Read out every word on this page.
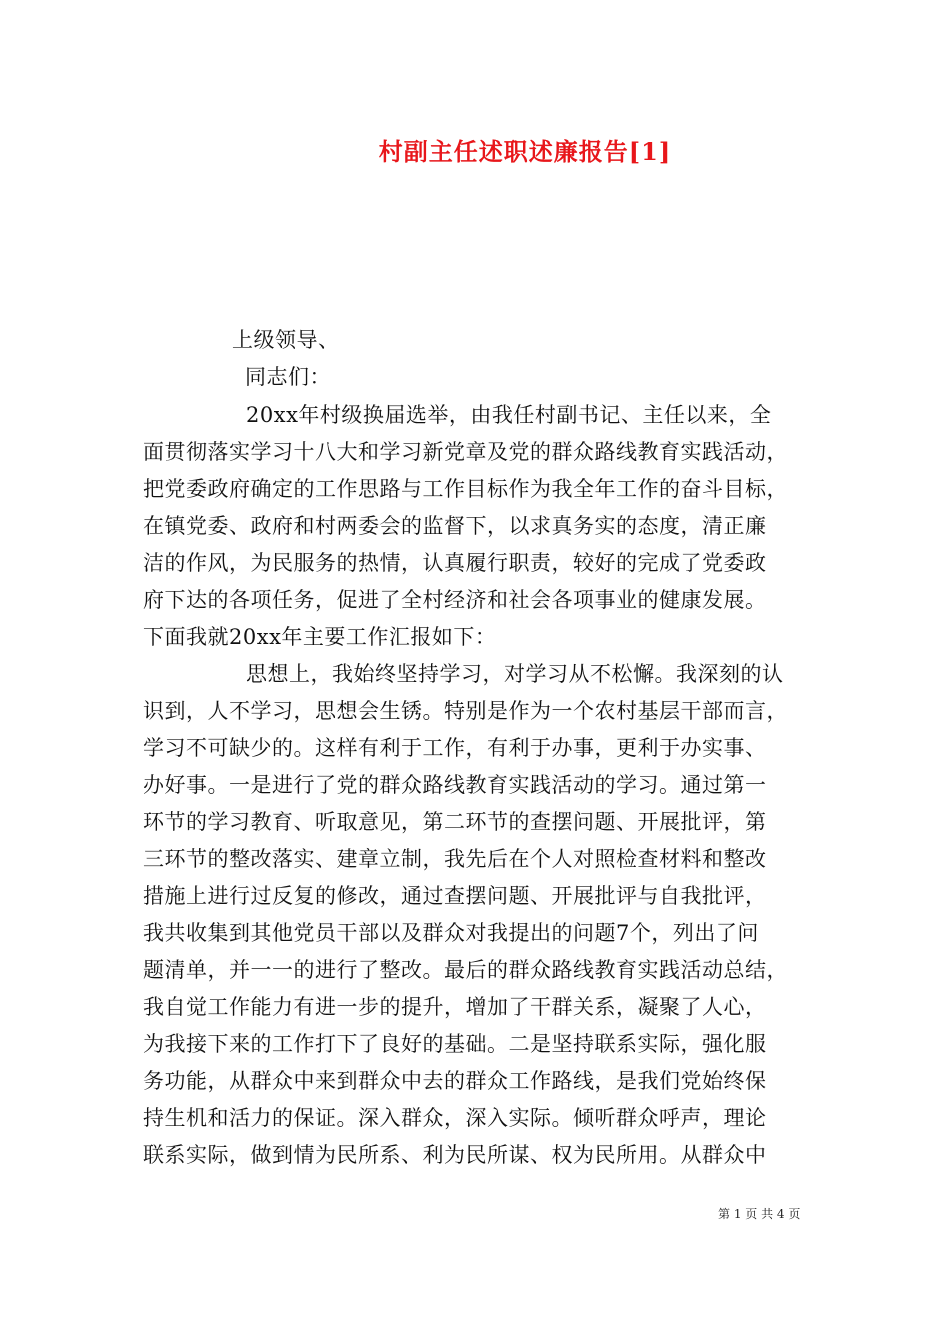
村副主任述职述廉报告[1]
上级领导、
同志们：
20xx年村级换届选举，由我任村副书记、主任以来，全
面贯彻落实学习十八大和学习新党章及党的群众路线教育实践活动，
把党委政府确定的工作思路与工作目标作为我全年工作的奋斗目标，
在镇党委、政府和村两委会的监督下，以求真务实的态度，清正廉
洁的作风，为民服务的热情，认真履行职责，较好的完成了党委政
府下达的各项任务，促进了全村经济和社会各项事业的健康发展。
下面我就20xx年主要工作汇报如下：
思想上，我始终坚持学习，对学习从不松懈。我深刻的认
识到，人不学习，思想会生锈。特别是作为一个农村基层干部而言，
学习不可缺少的。这样有利于工作，有利于办事，更利于办实事、
办好事。一是进行了党的群众路线教育实践活动的学习。通过第一
环节的学习教育、听取意见，第二环节的查摆问题、开展批评，第
三环节的整改落实、建章立制，我先后在个人对照检查材料和整改
措施上进行过反复的修改，通过查摆问题、开展批评与自我批评，
我共收集到其他党员干部以及群众对我提出的问题7个，列出了问
题清单，并一一的进行了整改。最后的群众路线教育实践活动总结，
我自觉工作能力有进一步的提升，增加了干群关系，凝聚了人心，
为我接下来的工作打下了良好的基础。二是坚持联系实际，强化服
务功能，从群众中来到群众中去的群众工作路线，是我们党始终保
持生机和活力的保证。深入群众，深入实际。倾听群众呼声，理论
联系实际，做到情为民所系、利为民所谋、权为民所用。从群众中
第 1 页 共 4 页
